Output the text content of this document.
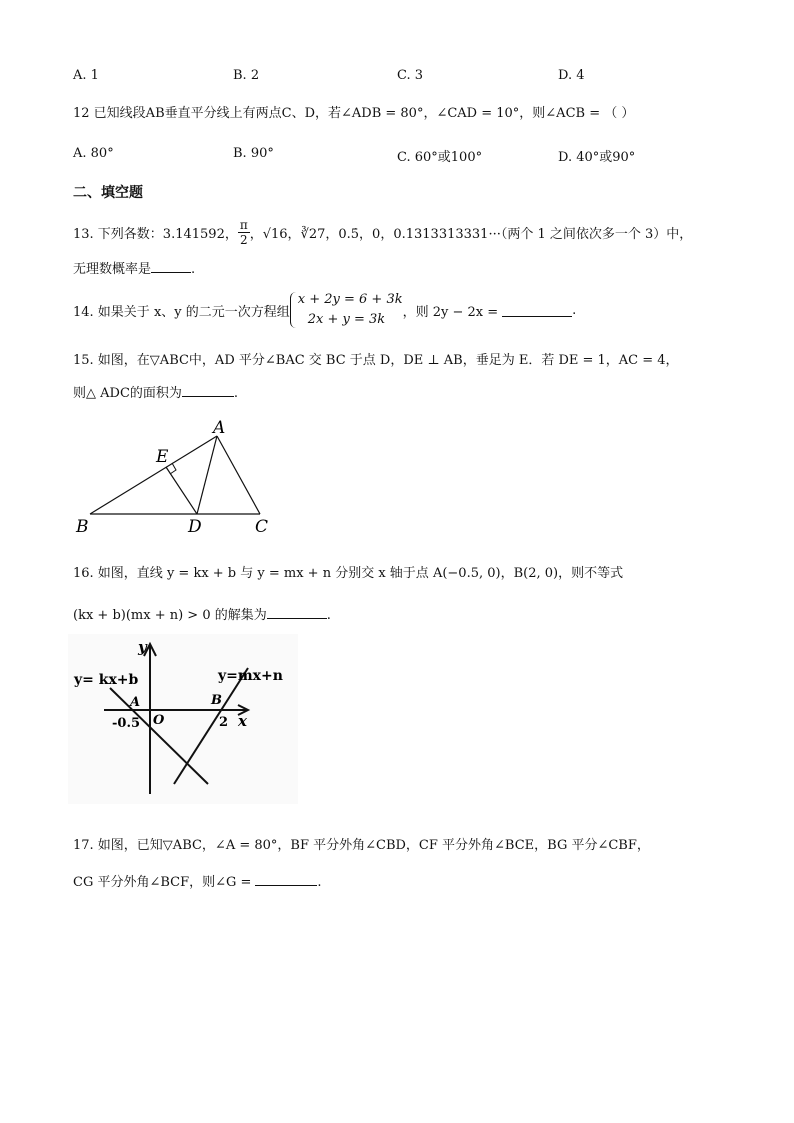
A. 1	B. 2	C. 3	D. 4
12 已知线段AB垂直平分线上有两点C、D，若∠ADB = 80°，∠CAD = 10°，则∠ACB = （ ）
A. 80°	B. 90°	C. 60°或100°	D. 40°或90°
二、填空题
13. 下列各数：3.141592， $\frac{\pi}{2}$ ，√16，∛27，0.5̇，0，0.1313313331···（两个 1 之间依次多一个 3）中，
无理数概率是	.
14. 如果关于 x、y 的二元一次方程组
x + 2y = 6 + 3k
2x + y = 3k	，则 2y − 2x =	.
15. 如图，在▽ABC中，AD 平分∠BAC 交 BC 于点 D，DE ⊥ AB，垂足为 E．若 DE = 1，AC = 4，
则△ ADC的面积为	.
A
E
B	D	C
16. 如图，直线 y = kx + b 与 y = mx + n 分别交 x 轴于点 A(−0.5, 0)，B(2, 0)，则不等式
(kx + b)(mx + n) > 0 的解集为	.
y
x
y= kx+b	y=mx+n
A	B
O
-0.5	2
17. 如图，已知▽ABC，∠A = 80°，BF 平分外角∠CBD，CF 平分外角∠BCE，BG 平分∠CBF，
CG 平分外角∠BCF，则∠G =	.
